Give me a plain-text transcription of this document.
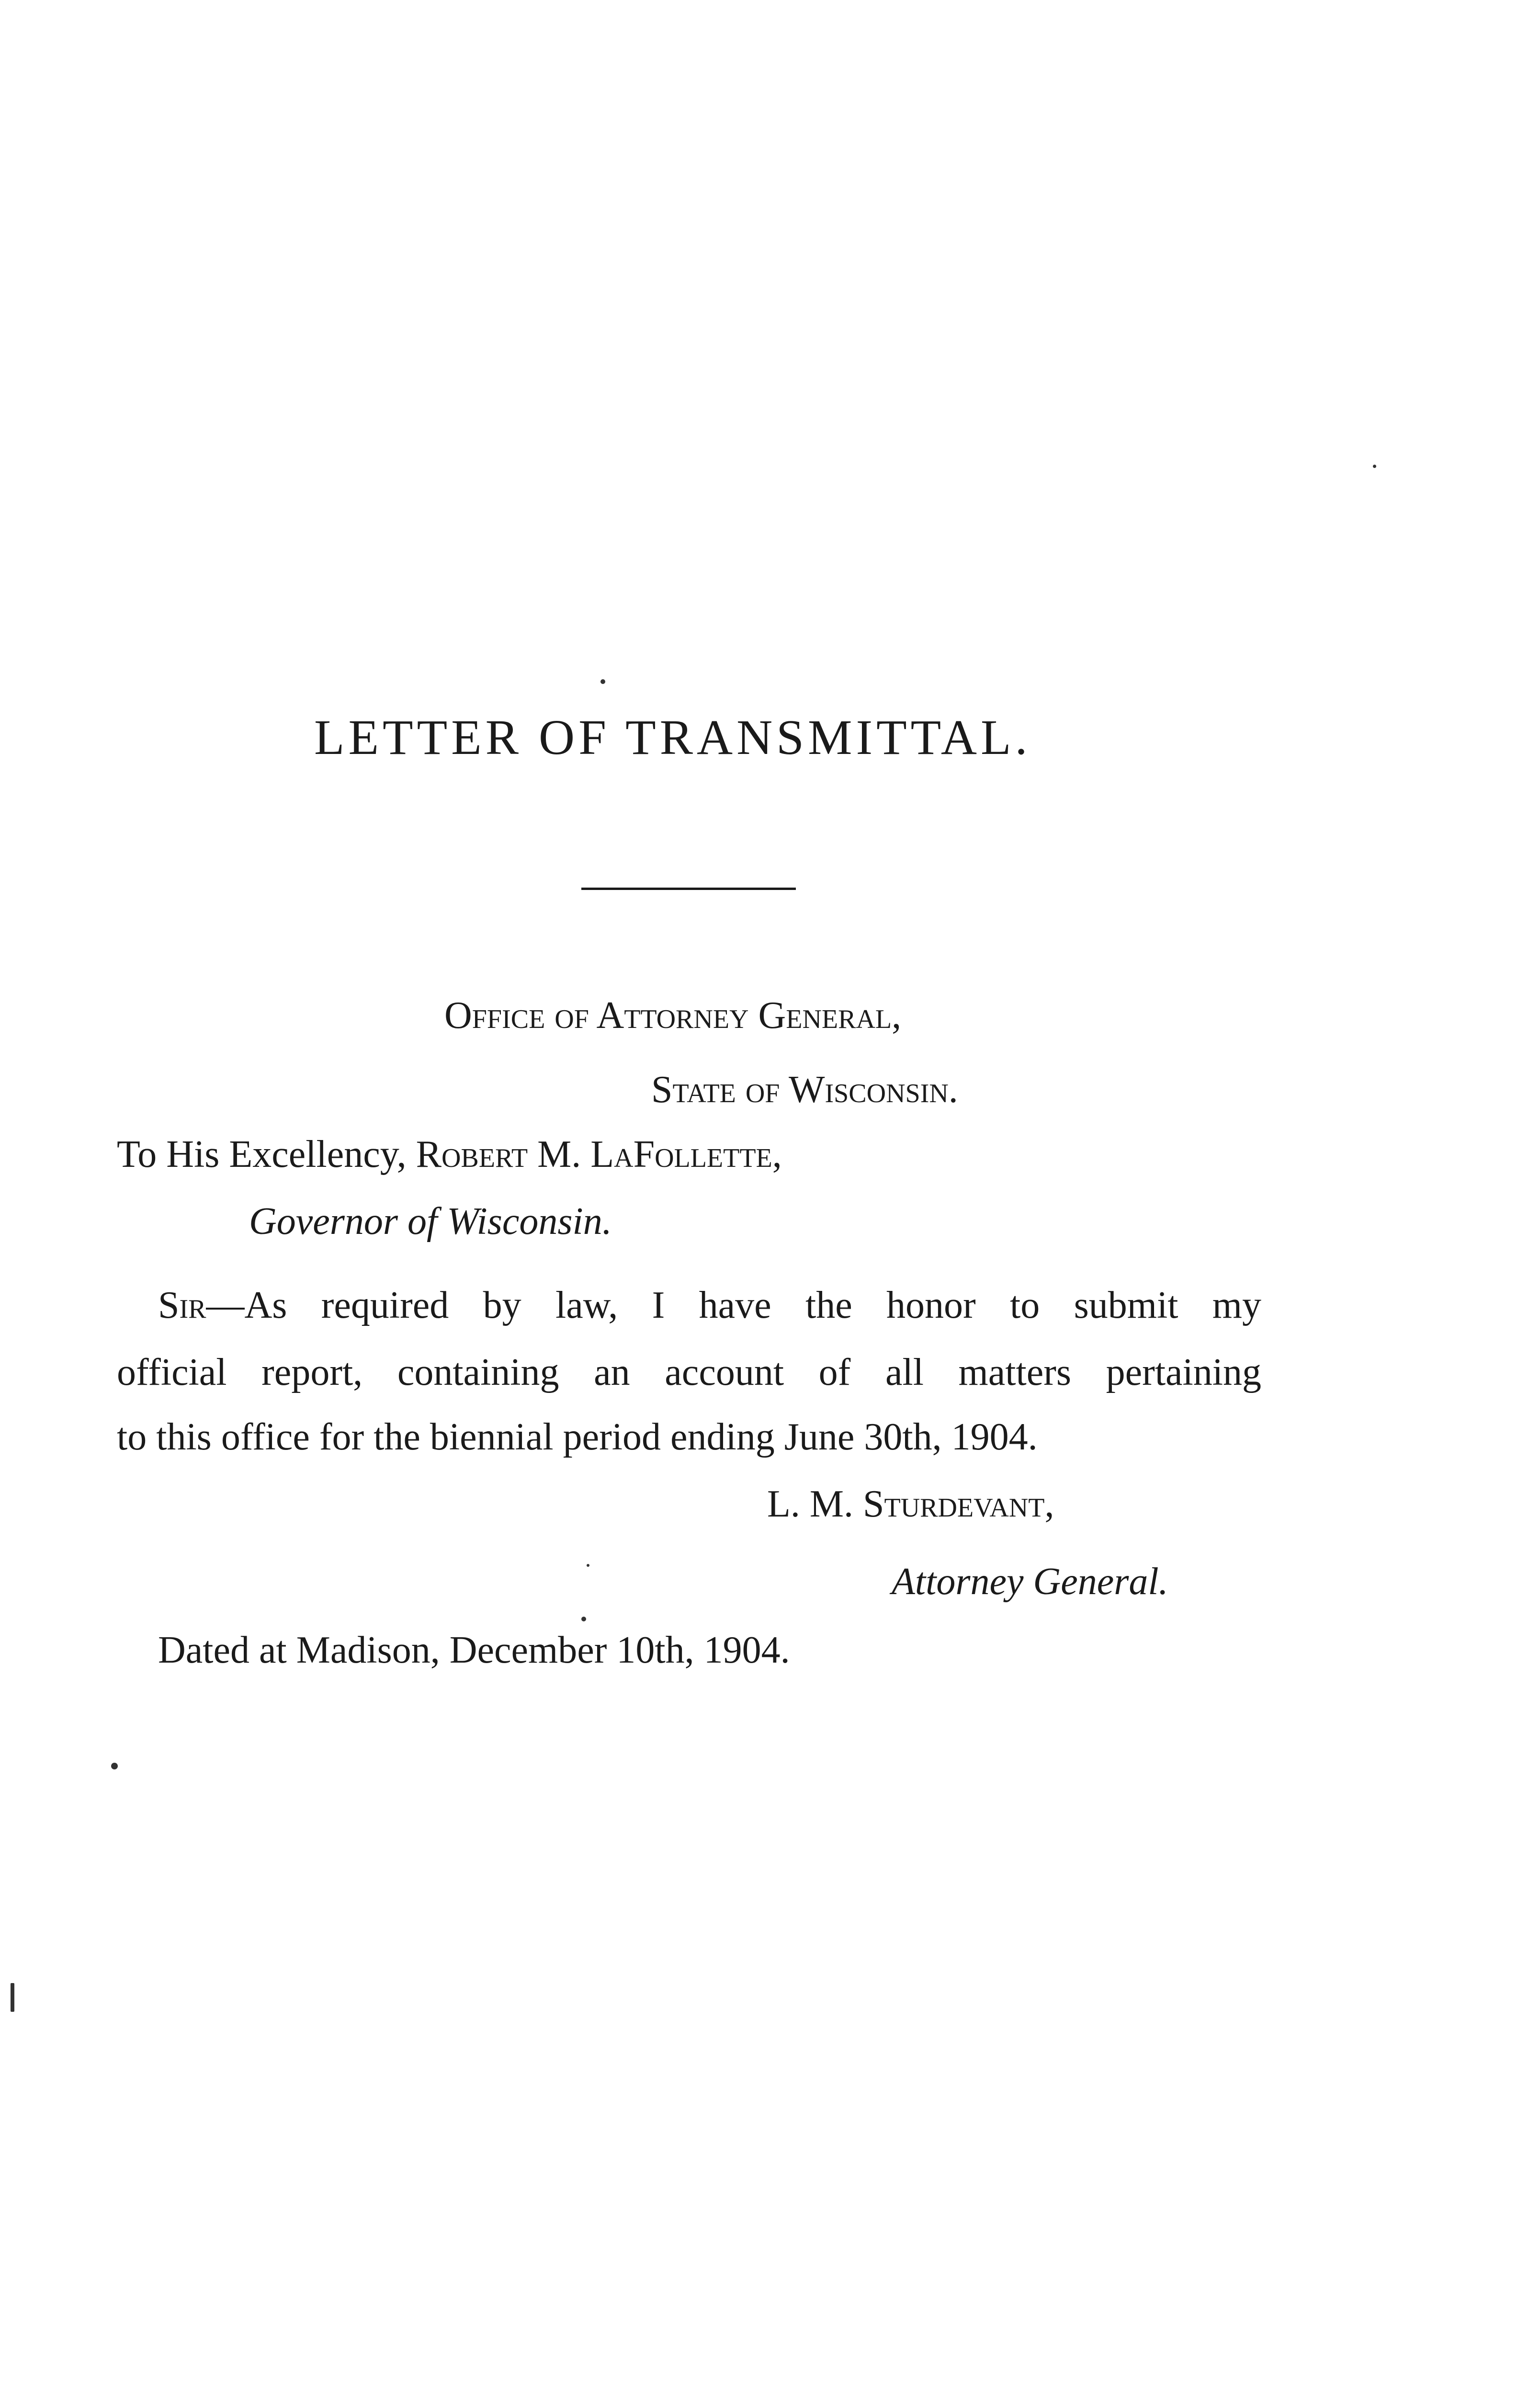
LETTER OF TRANSMITTAL.
Office of Attorney General,
State of Wisconsin.
To His Excellency, Robert M. LaFollette,
Governor of Wisconsin.
Sir—As required by law, I have the honor to submit my
official report, containing an account of all matters pertaining
to this office for the biennial period ending June 30th, 1904.
L. M. Sturdevant,
Attorney General.
Dated at Madison, December 10th, 1904.
